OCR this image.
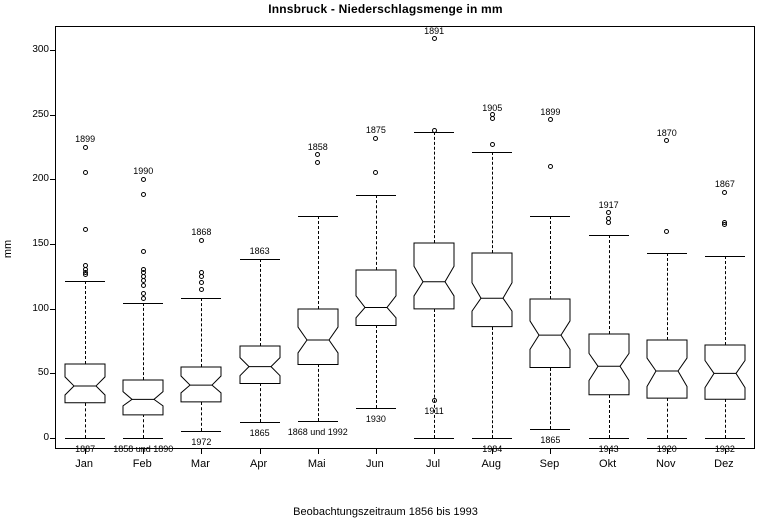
Innsbruck - Niederschlagsmenge in mm
0
50
100
150
200
250
300
1899
1887
1990
1858 und 1890
1868
1972
1863
1865
1858
1868 und 1992
1875
1930
1891
1911
1905
1984
1899
1865
1917
1943
1870
1920
1867
1932
mm
Beobachtungszeitraum 1856 bis 1993
Jan	Feb	Mar	Apr	Mai	Jun	Jul	Aug	Sep	Okt	Nov	Dez
